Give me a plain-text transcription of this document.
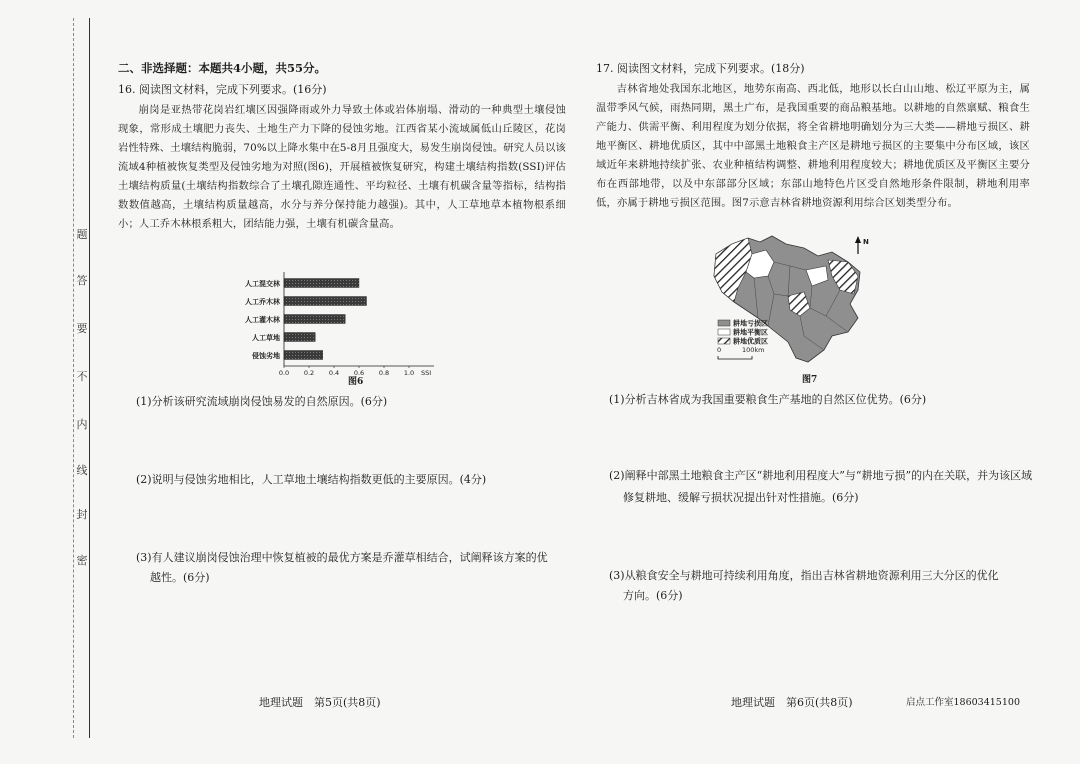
题
答
要
不
内
线
封
密
二、非选择题：本题共4小题，共55分。
16. 阅读图文材料，完成下列要求。(16分)
崩岗是亚热带花岗岩红壤区因强降雨或外力导致土体或岩体崩塌、滑动的一种典型土壤侵蚀现象，常形成土壤肥力丧失、土地生产力下降的侵蚀劣地。江西省某小流域属低山丘陵区，花岗岩性特殊、土壤结构脆弱，70%以上降水集中在5-8月且强度大，易发生崩岗侵蚀。研究人员以该流域4种植被恢复类型及侵蚀劣地为对照(图6)，开展植被恢复研究，构建土壤结构指数(SSI)评估土壤结构质量(土壤结构指数综合了土壤孔隙连通性、平均粒径、土壤有机碳含量等指标，结构指数数值越高，土壤结构质量越高，水分与养分保持能力越强)。其中，人工草地草本植物根系细小；人工乔木林根系粗大，团结能力强，土壤有机碳含量高。
人工混交林
人工乔木林
人工灌木林
人工草地
侵蚀劣地
0.0 0.2 0.4 0.6 0.8 1.0 SSI
图6
(1)分析该研究流域崩岗侵蚀易发的自然原因。(6分)
(2)说明与侵蚀劣地相比，人工草地土壤结构指数更低的主要原因。(4分)
(3)有人建议崩岗侵蚀治理中恢复植被的最优方案是乔灌草相结合，试阐释该方案的优
越性。(6分)
地理试题　第5页(共8页)
17. 阅读图文材料，完成下列要求。(18分)
吉林省地处我国东北地区，地势东南高、西北低，地形以长白山山地、松辽平原为主，属温带季风气候，雨热同期，黑土广布，是我国重要的商品粮基地。以耕地的自然禀赋、粮食生产能力、供需平衡、利用程度为划分依据，将全省耕地明确划分为三大类——耕地亏损区、耕地平衡区、耕地优质区，其中中部黑土地粮食主产区是耕地亏损区的主要集中分布区域，该区域近年来耕地持续扩张、农业种植结构调整、耕地利用程度较大；耕地优质区及平衡区主要分布在西部地带，以及中东部部分区域；东部山地特色片区受自然地形条件限制，耕地利用率低，亦属于耕地亏损区范围。图7示意吉林省耕地资源利用综合区划类型分布。
N
耕地亏损区
耕地平衡区
耕地优质区
0	100km
图7
(1)分析吉林省成为我国重要粮食生产基地的自然区位优势。(6分)
(2)阐释中部黑土地粮食主产区“耕地利用程度大”与“耕地亏损”的内在关联，并为该区域
修复耕地、缓解亏损状况提出针对性措施。(6分)
(3)从粮食安全与耕地可持续利用角度，指出吉林省耕地资源利用三大分区的优化
方向。(6分)
地理试题　第6页(共8页)	启点工作室18603415100
